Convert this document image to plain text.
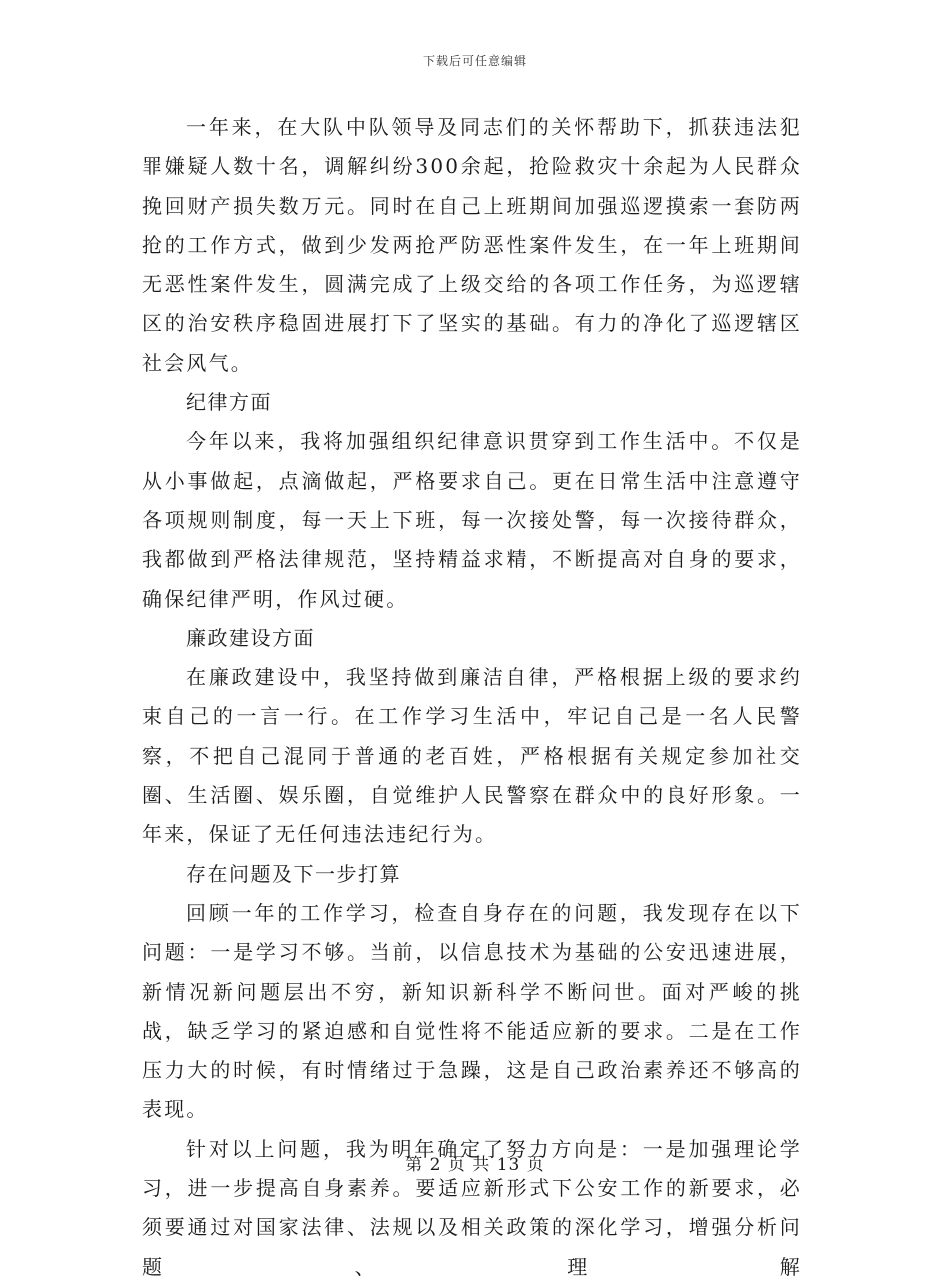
下载后可任意编辑

一年来，在大队中队领导及同志们的关怀帮助下，抓获违法犯罪嫌疑人数十名，调解纠纷300余起，抢险救灾十余起为人民群众挽回财产损失数万元。同时在自己上班期间加强巡逻摸索一套防两抢的工作方式，做到少发两抢严防恶性案件发生，在一年上班期间无恶性案件发生，圆满完成了上级交给的各项工作任务，为巡逻辖区的治安秩序稳固进展打下了坚实的基础。有力的净化了巡逻辖区社会风气。

纪律方面

今年以来，我将加强组织纪律意识贯穿到工作生活中。不仅是从小事做起，点滴做起，严格要求自己。更在日常生活中注意遵守各项规则制度，每一天上下班，每一次接处警，每一次接待群众，我都做到严格法律规范，坚持精益求精，不断提高对自身的要求，确保纪律严明，作风过硬。

廉政建设方面

在廉政建设中，我坚持做到廉洁自律，严格根据上级的要求约束自己的一言一行。在工作学习生活中，牢记自己是一名人民警察，不把自己混同于普通的老百姓，严格根据有关规定参加社交圈、生活圈、娱乐圈，自觉维护人民警察在群众中的良好形象。一年来，保证了无任何违法违纪行为。

存在问题及下一步打算

回顾一年的工作学习，检查自身存在的问题，我发现存在以下问题：一是学习不够。当前，以信息技术为基础的公安迅速进展，新情况新问题层出不穷，新知识新科学不断问世。面对严峻的挑战，缺乏学习的紧迫感和自觉性将不能适应新的要求。二是在工作压力大的时候，有时情绪过于急躁，这是自己政治素养还不够高的表现。

针对以上问题，我为明年确定了努力方向是：一是加强理论学习，进一步提高自身素养。要适应新形式下公安工作的新要求，必须要通过对国家法律、法规以及相关政策的深化学习，增强分析问题、理解

第 2 页 共 13 页
